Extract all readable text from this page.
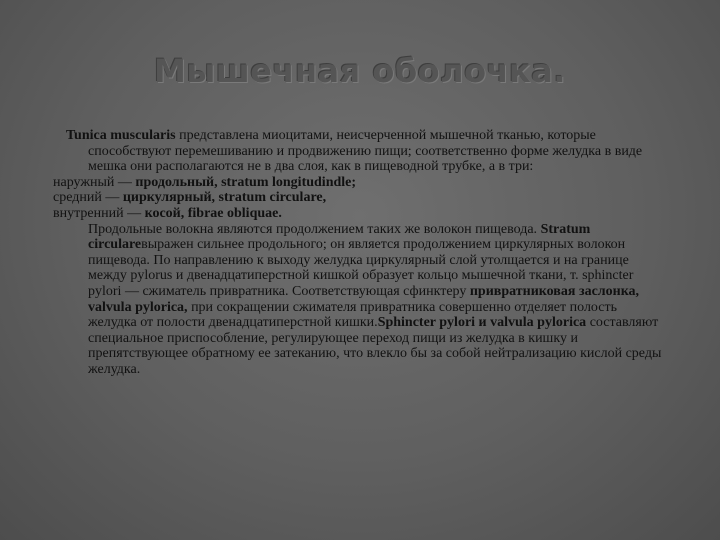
Мышечная оболочка.

Tunica muscularis представлена миоцитами, неисчерченной мышечной тканью, которые способствуют перемешиванию и продвижению пищи; соответственно форме желудка в виде мешка они располагаются не в два слоя, как в пищеводной трубке, а в три:

наружный — продольный, stratum longitudindle;

средний — циркулярный, stratum circulare,

внутренний — косой, fibrae obliquae.

Продольные волокна являются продолжением таких же волокон пищевода. Stratum circulareвыражен сильнее продольного; он является продолжением циркулярных волокон пищевода. По направлению к выходу желудка циркулярный слой утолщается и на границе между pylorus и двенадцатиперстной кишкой образует кольцо мышечной ткани, т. sphincter pylori — сжиматель привратника. Соответствующая сфинктеру привратниковая заслонка, valvula pylorica, при сокращении сжимателя привратника совершенно отделяет полость желудка от полости двенадцатиперстной кишки.Sphincter pylori и valvula pylorica составляют специальное приспособление, регулирующее переход пищи из желудка в кишку и препятствующее обратному ее затеканию, что влекло бы за собой нейтрализацию кислой среды желудка.
